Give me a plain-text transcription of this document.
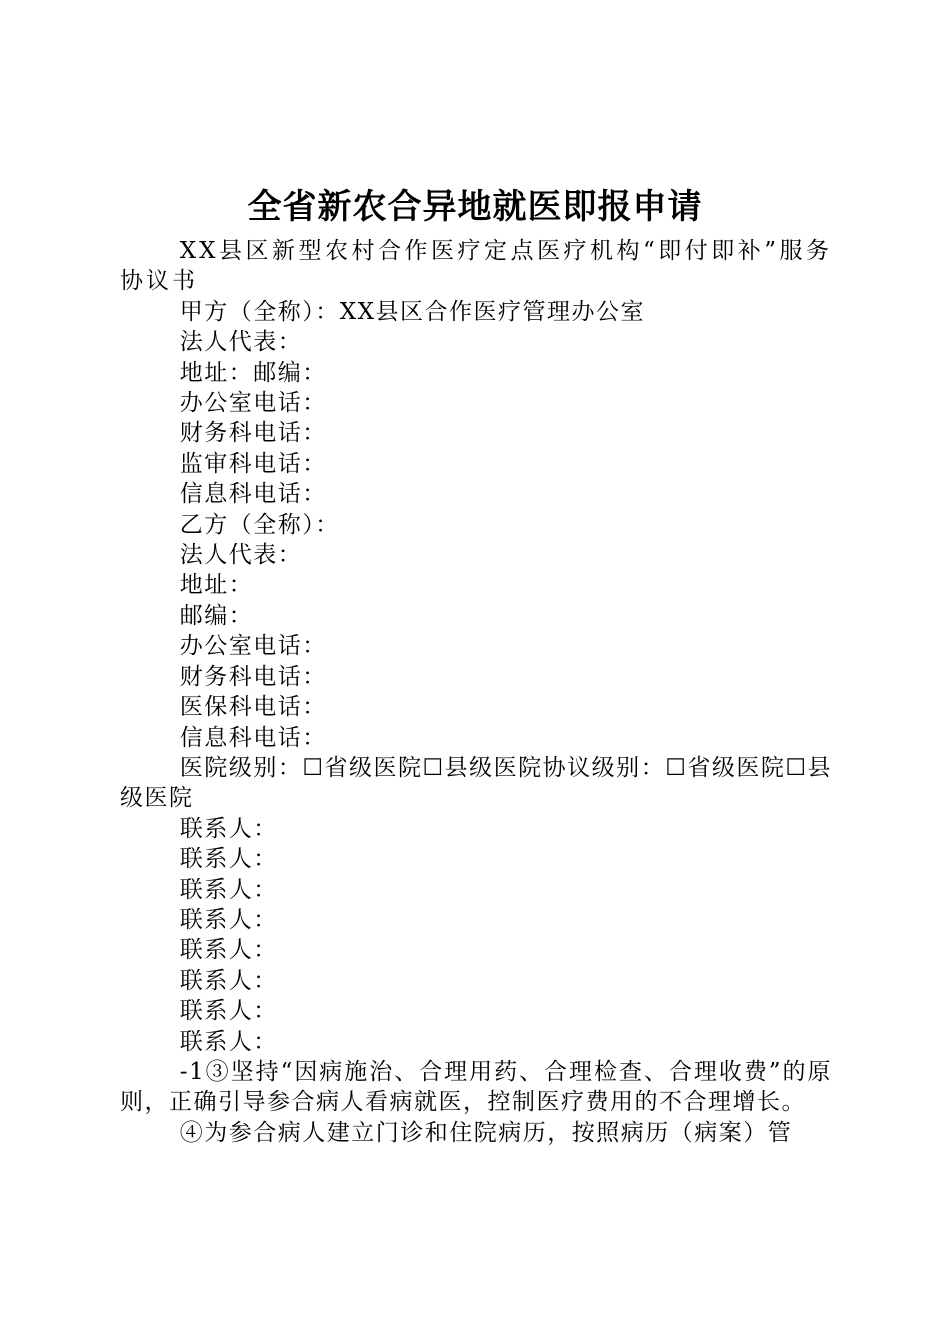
全省新农合异地就医即报申请

XX县区新型农村合作医疗定点医疗机构“即付即补”服务协议书

甲方（全称）：XX县区合作医疗管理办公室

法人代表：

地址：邮编：

办公室电话：

财务科电话：

监审科电话：

信息科电话：

乙方（全称）：

法人代表：

地址：

邮编：

办公室电话：

财务科电话：

医保科电话：

信息科电话：

医院级别：☐省级医院☐县级医院协议级别：☐省级医院☐县级医院

联系人：

联系人：

联系人：

联系人：

联系人：

联系人：

联系人：

联系人：

-1③坚持“因病施治、合理用药、合理检查、合理收费”的原则，正确引导参合病人看病就医，控制医疗费用的不合理增长。

④为参合病人建立门诊和住院病历，按照病历（病案）管
